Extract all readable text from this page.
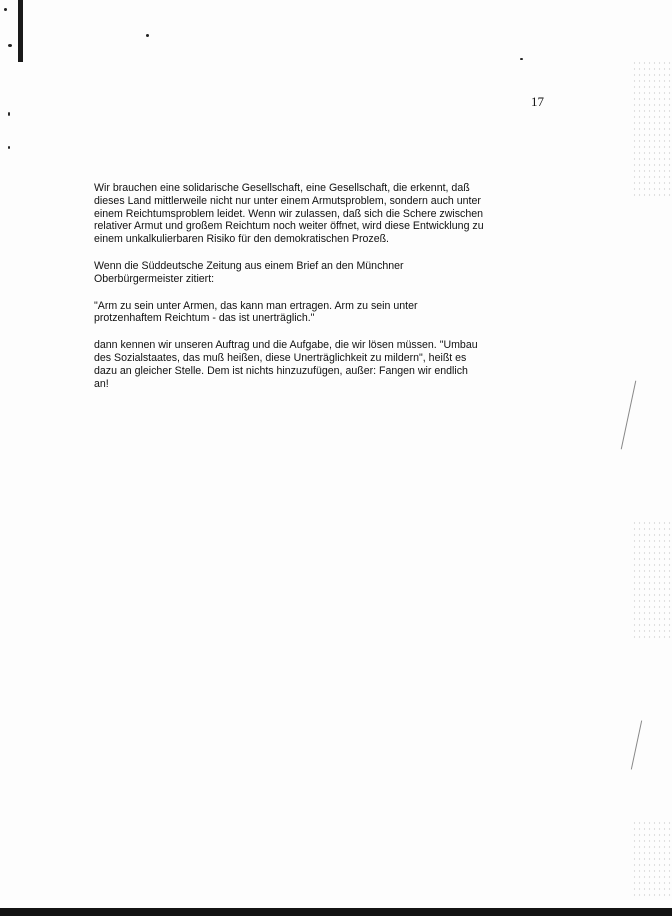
17

Wir brauchen eine solidarische Gesellschaft, eine Gesellschaft, die erkennt, daß
dieses Land mittlerweile nicht nur unter einem Armutsproblem, sondern auch unter
einem Reichtumsproblem leidet. Wenn wir zulassen, daß sich die Schere zwischen
relativer Armut und großem Reichtum noch weiter öffnet, wird diese Entwicklung zu
einem unkalkulierbaren Risiko für den demokratischen Prozeß.

Wenn die Süddeutsche Zeitung aus einem Brief an den Münchner
Oberbürgermeister zitiert:

"Arm zu sein unter Armen, das kann man ertragen. Arm zu sein unter
protzenhaftem Reichtum - das ist unerträglich."

dann kennen wir unseren Auftrag und die Aufgabe, die wir lösen müssen. "Umbau
des Sozialstaates, das muß heißen, diese Unerträglichkeit zu mildern", heißt es
dazu an gleicher Stelle. Dem ist nichts hinzuzufügen, außer: Fangen wir endlich
an!
